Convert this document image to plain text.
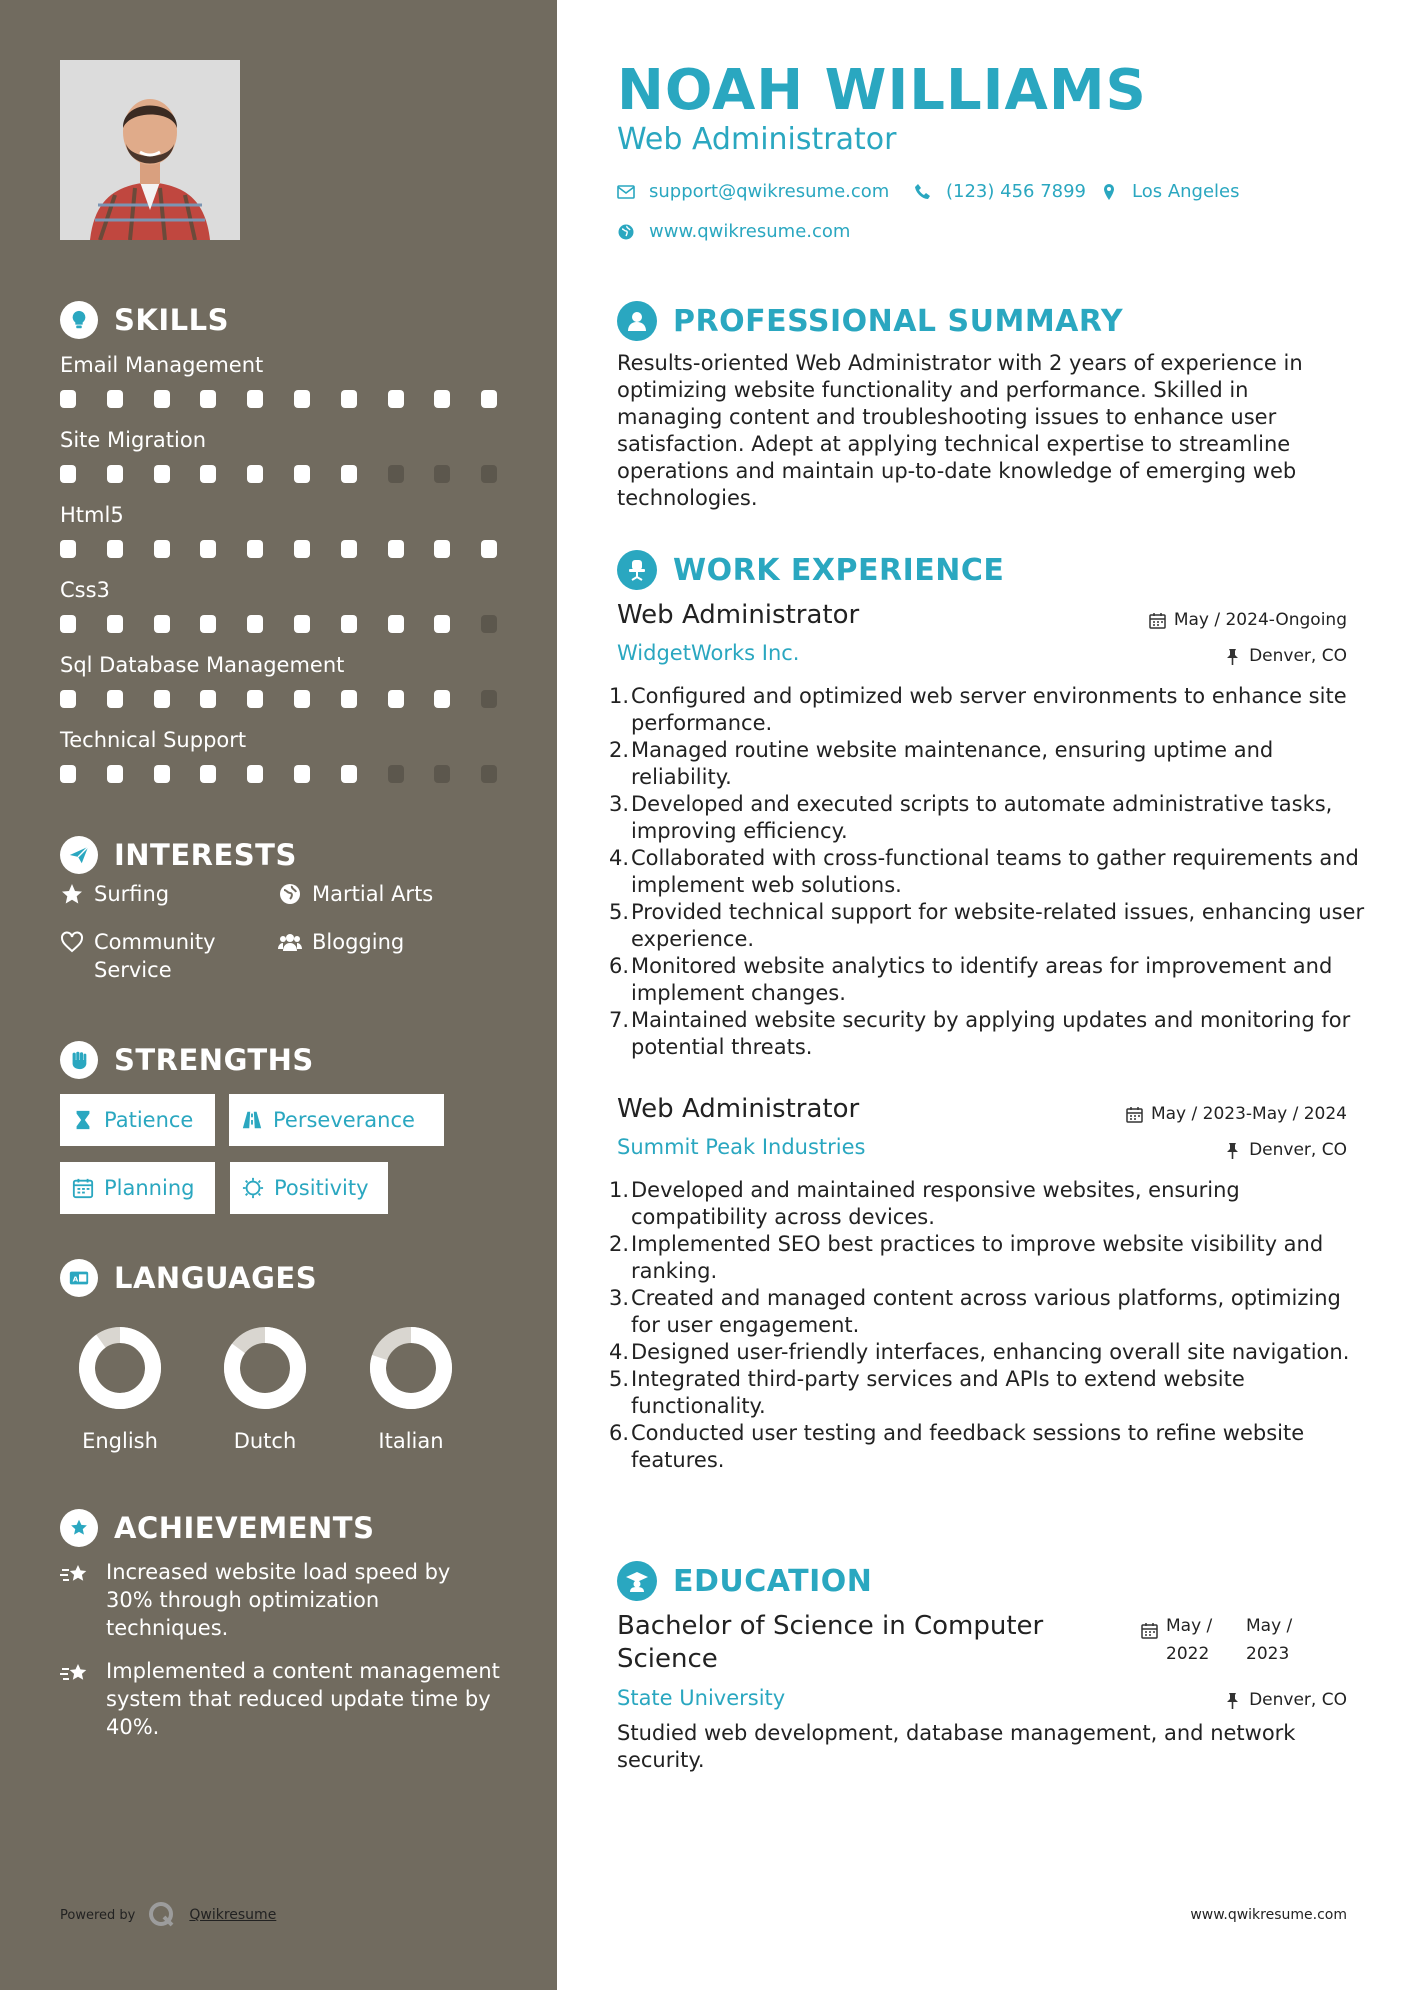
SKILLS
Email Management
Site Migration
Html5
Css3
Sql Database Management
Technical Support
INTERESTS
Surfing	Martial Arts
Community Service
Blogging
STRENGTHS
Patience	Perseverance
Planning	Positivity
A LANGUAGES
English	Dutch	Italian
ACHIEVEMENTS
Increased website load speed by 30% through optimization techniques.
Implemented a content management system that reduced update time by 40%.
Powered by	Qwikresume
NOAH WILLIAMS
Web Administrator
support@qwikresume.com	(123) 456 7899	Los Angeles
www.qwikresume.com
PROFESSIONAL SUMMARY
Results-oriented Web Administrator with 2 years of experience in optimizing website functionality and performance. Skilled in managing content and troubleshooting issues to enhance user satisfaction. Adept at applying technical expertise to streamline operations and maintain up-to-date knowledge of emerging web technologies.
WORK EXPERIENCE
Web Administrator	May / 2024-Ongoing
WidgetWorks Inc.	Denver, CO
1. Configured and optimized web server environments to enhance site performance.
2. Managed routine website maintenance, ensuring uptime and reliability.
3. Developed and executed scripts to automate administrative tasks, improving efficiency.
4. Collaborated with cross-functional teams to gather requirements and implement web solutions.
5. Provided technical support for website-related issues, enhancing user experience.
6. Monitored website analytics to identify areas for improvement and implement changes.
7. Maintained website security by applying updates and monitoring for potential threats.
Web Administrator	May / 2023-May / 2024
Summit Peak Industries	Denver, CO
1. Developed and maintained responsive websites, ensuring compatibility across devices.
2. Implemented SEO best practices to improve website visibility and ranking.
3. Created and managed content across various platforms, optimizing for user engagement.
4. Designed user-friendly interfaces, enhancing overall site navigation.
5. Integrated third-party services and APIs to extend website functionality.
6. Conducted user testing and feedback sessions to refine website features.
EDUCATION
Bachelor of Science in Computer Science
May / 2022
May / 2023
State University	Denver, CO
Studied web development, database management, and network security.
www.qwikresume.com
